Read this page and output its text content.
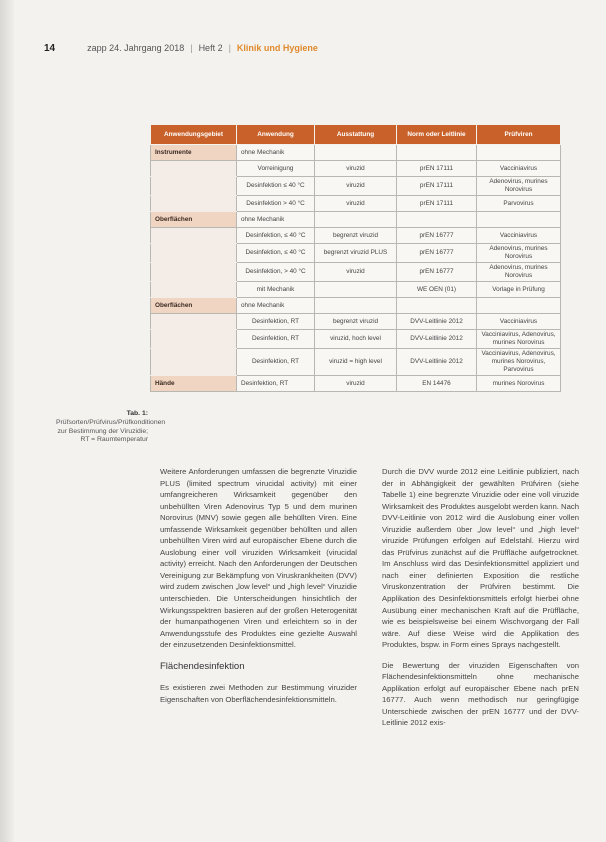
14	zapp 24. Jahrgang 2018 | Heft 2 | Klinik und Hygiene
Anwendungsgebiet	Anwendung	Ausstattung	Norm oder Leitlinie	Prüfviren
Instrumente	ohne Mechanik			
	Vorreinigung	viruzid	prEN 17111	Vacciniavirus
	Desinfektion ≤ 40 °C	viruzid	prEN 17111	Adenovirus, murines Norovirus
	Desinfektion > 40 °C	viruzid	prEN 17111	Parvovirus
Oberflächen	ohne Mechanik			
	Desinfektion, ≤ 40 °C	begrenzt viruzid	prEN 16777	Vacciniavirus
	Desinfektion, ≤ 40 °C	begrenzt viruzid PLUS	prEN 16777	Adenovirus, murines Norovirus
	Desinfektion, > 40 °C	viruzid	prEN 16777	Adenovirus, murines Norovirus
	mit Mechanik		WE OEN (01)	Vorlage in Prüfung
Oberflächen	ohne Mechanik			
	Desinfektion, RT	begrenzt viruzid	DVV-Leitlinie 2012	Vacciniavirus
	Desinfektion, RT	viruzid, hoch level	DVV-Leitlinie 2012	Vacciniavirus, Adenovirus, murines Norovirus
	Desinfektion, RT	viruzid = high level	DVV-Leitlinie 2012	Vacciniavirus, Adenovirus, murines Norovirus, Parvovirus
Hände	Desinfektion, RT	viruzid	EN 14476	murines Norovirus
Tab. 1: Prüfsorten/Prüfvirus/Prüfkonditionen zur Bestimmung der Viruzidie; RT = Raumtemperatur

Weitere Anforderungen umfassen die begrenzte Viruzidie PLUS (limited spectrum virucidal activity) mit einer umfangreicheren Wirksamkeit gegenüber den unbehüllten Viren Adenovirus Typ 5 und dem murinen Norovirus (MNV) sowie gegen alle behüllten Viren. Eine umfassende Wirksamkeit gegenüber behüllten und allen unbehüllten Viren wird auf europäischer Ebene durch die Auslobung einer voll viruziden Wirksamkeit (virucidal activity) erreicht. Nach den Anforderungen der Deutschen Vereinigung zur Bekämpfung von Viruskrankheiten (DVV) wird zudem zwischen „low level“ und „high level“ Viruzidie unterschieden. Die Unterscheidungen hinsichtlich der Wirkungsspektren basieren auf der großen Heterogenität der humanpathogenen Viren und erleichtern so in der Anwendungsstufe des Produktes eine gezielte Auswahl der einzusetzenden Desinfektionsmittel.

Flächendesinfektion

Es existieren zwei Methoden zur Bestimmung viruzider Eigenschaften von Oberflächendesinfektionsmitteln.

Durch die DVV wurde 2012 eine Leitlinie publiziert, nach der in Abhängigkeit der gewählten Prüfviren (siehe Tabelle 1) eine begrenzte Viruzidie oder eine voll viruzide Wirksamkeit des Produktes ausgelobt werden kann. Nach DVV-Leitlinie von 2012 wird die Auslobung einer vollen Viruzidie außerdem über „low level“ und „high level“ viruzide Prüfungen erfolgen auf Edelstahl. Hierzu wird das Prüfvirus zunächst auf die Prüffläche aufgetrocknet. Im Anschluss wird das Desinfektionsmittel appliziert und nach einer definierten Exposition die restliche Viruskonzentration der Prüfviren bestimmt. Die Applikation des Desinfektionsmittels erfolgt hierbei ohne Ausübung einer mechanischen Kraft auf die Prüffläche, wie es beispielsweise bei einem Wischvorgang der Fall wäre. Auf diese Weise wird die Applikation des Produktes, bspw. in Form eines Sprays nachgestellt.

Die Bewertung der viruziden Eigenschaften von Flächendesinfektionsmitteln ohne mechanische Applikation erfolgt auf europäischer Ebene nach prEN 16777. Auch wenn methodisch nur geringfügige Unterschiede zwischen der prEN 16777 und der DVV-Leitlinie 2012 exis-
